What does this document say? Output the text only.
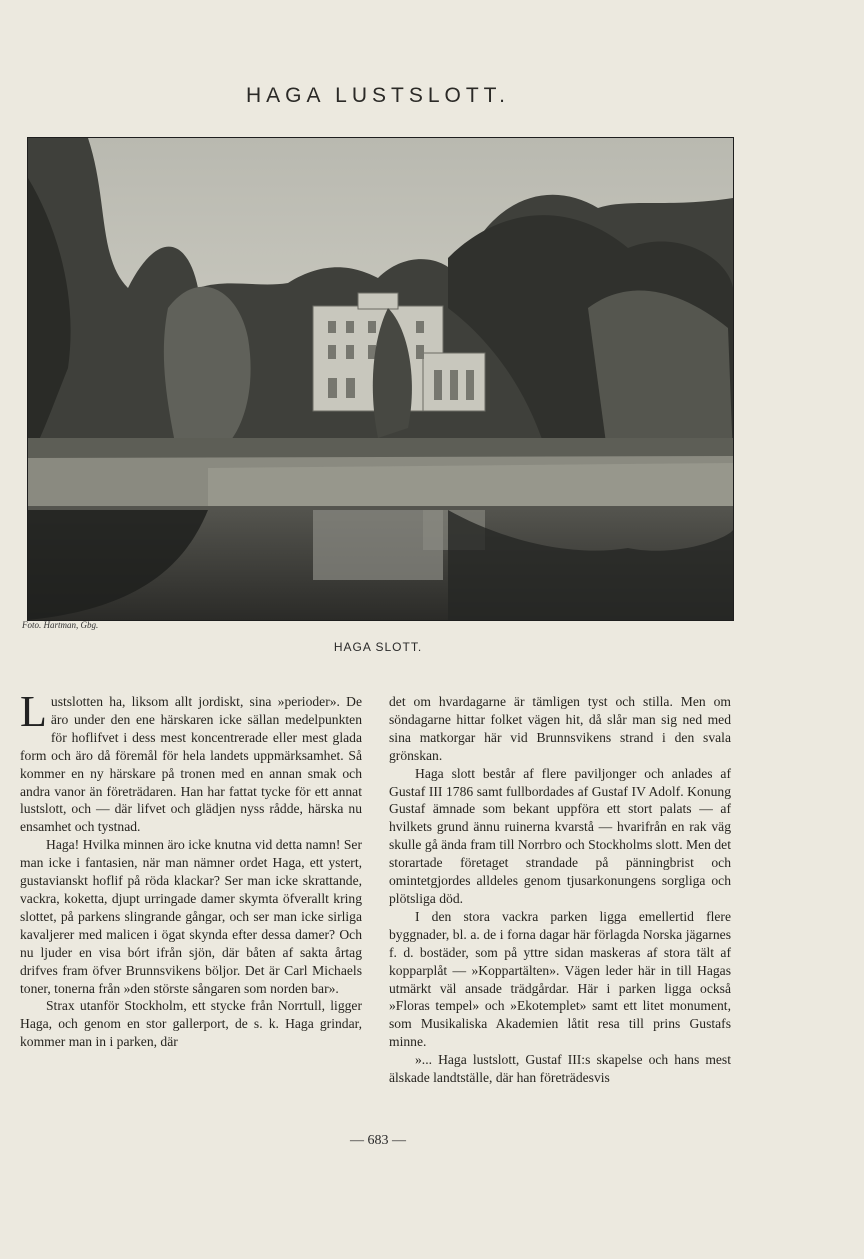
HAGA LUSTSLOTT.
Foto. Hartman, Gbg.
HAGA SLOTT.

Lustslotten ha, liksom allt jordiskt, sina »perioder». De äro under den ene härskaren icke sällan medelpunkten för hoflifvet i dess mest koncentrerade eller mest glada form och äro då föremål för hela landets uppmärksamhet. Så kommer en ny härskare på tronen med en annan smak och andra vanor än företrädaren. Han har fattat tycke för ett annat lustslott, och — där lifvet och glädjen nyss rådde, härska nu ensamhet och tystnad.

Haga! Hvilka minnen äro icke knutna vid detta namn! Ser man icke i fantasien, när man nämner ordet Haga, ett ystert, gustavianskt hoflif på röda klackar? Ser man icke skrattande, vackra, koketta, djupt urringade damer skymta öfverallt kring slottet, på parkens slingrande gångar, och ser man icke sirliga kavaljerer med malicen i ögat skynda efter dessa damer? Och nu ljuder en visa bórt ifrån sjön, där båten af sakta årtag drifves fram öfver Brunnsvikens böljor. Det är Carl Michaels toner, tonerna från »den störste sångaren som norden bar».

Strax utanför Stockholm, ett stycke från Norrtull, ligger Haga, och genom en stor gallerport, de s. k. Haga grindar, kommer man in i parken, där

det om hvardagarne är tämligen tyst och stilla. Men om söndagarne hittar folket vägen hit, då slår man sig ned med sina matkorgar här vid Brunnsvikens strand i den svala grönskan.

Haga slott består af flere paviljonger och anlades af Gustaf III 1786 samt fullbordades af Gustaf IV Adolf. Konung Gustaf ämnade som bekant uppföra ett stort palats — af hvilkets grund ännu ruinerna kvarstå — hvarifrån en rak väg skulle gå ända fram till Norrbro och Stockholms slott. Men det storartade företaget strandade på pänningbrist och omintetgjordes alldeles genom tjusarkonungens sorgliga och plötsliga död.

I den stora vackra parken ligga emellertid flere byggnader, bl. a. de i forna dagar här förlagda Norska jägarnes f. d. bostäder, som på yttre sidan maskeras af stora tält af kopparplåt — »Koppartälten». Vägen leder här in till Hagas utmärkt väl ansade trädgårdar. Här i parken ligga också »Floras tempel» och »Ekotemplet» samt ett litet monument, som Musikaliska Akademien låtit resa till prins Gustafs minne.

»... Haga lustslott, Gustaf III:s skapelse och hans mest älskade landtställe, där han företrädesvis

— 683 —
